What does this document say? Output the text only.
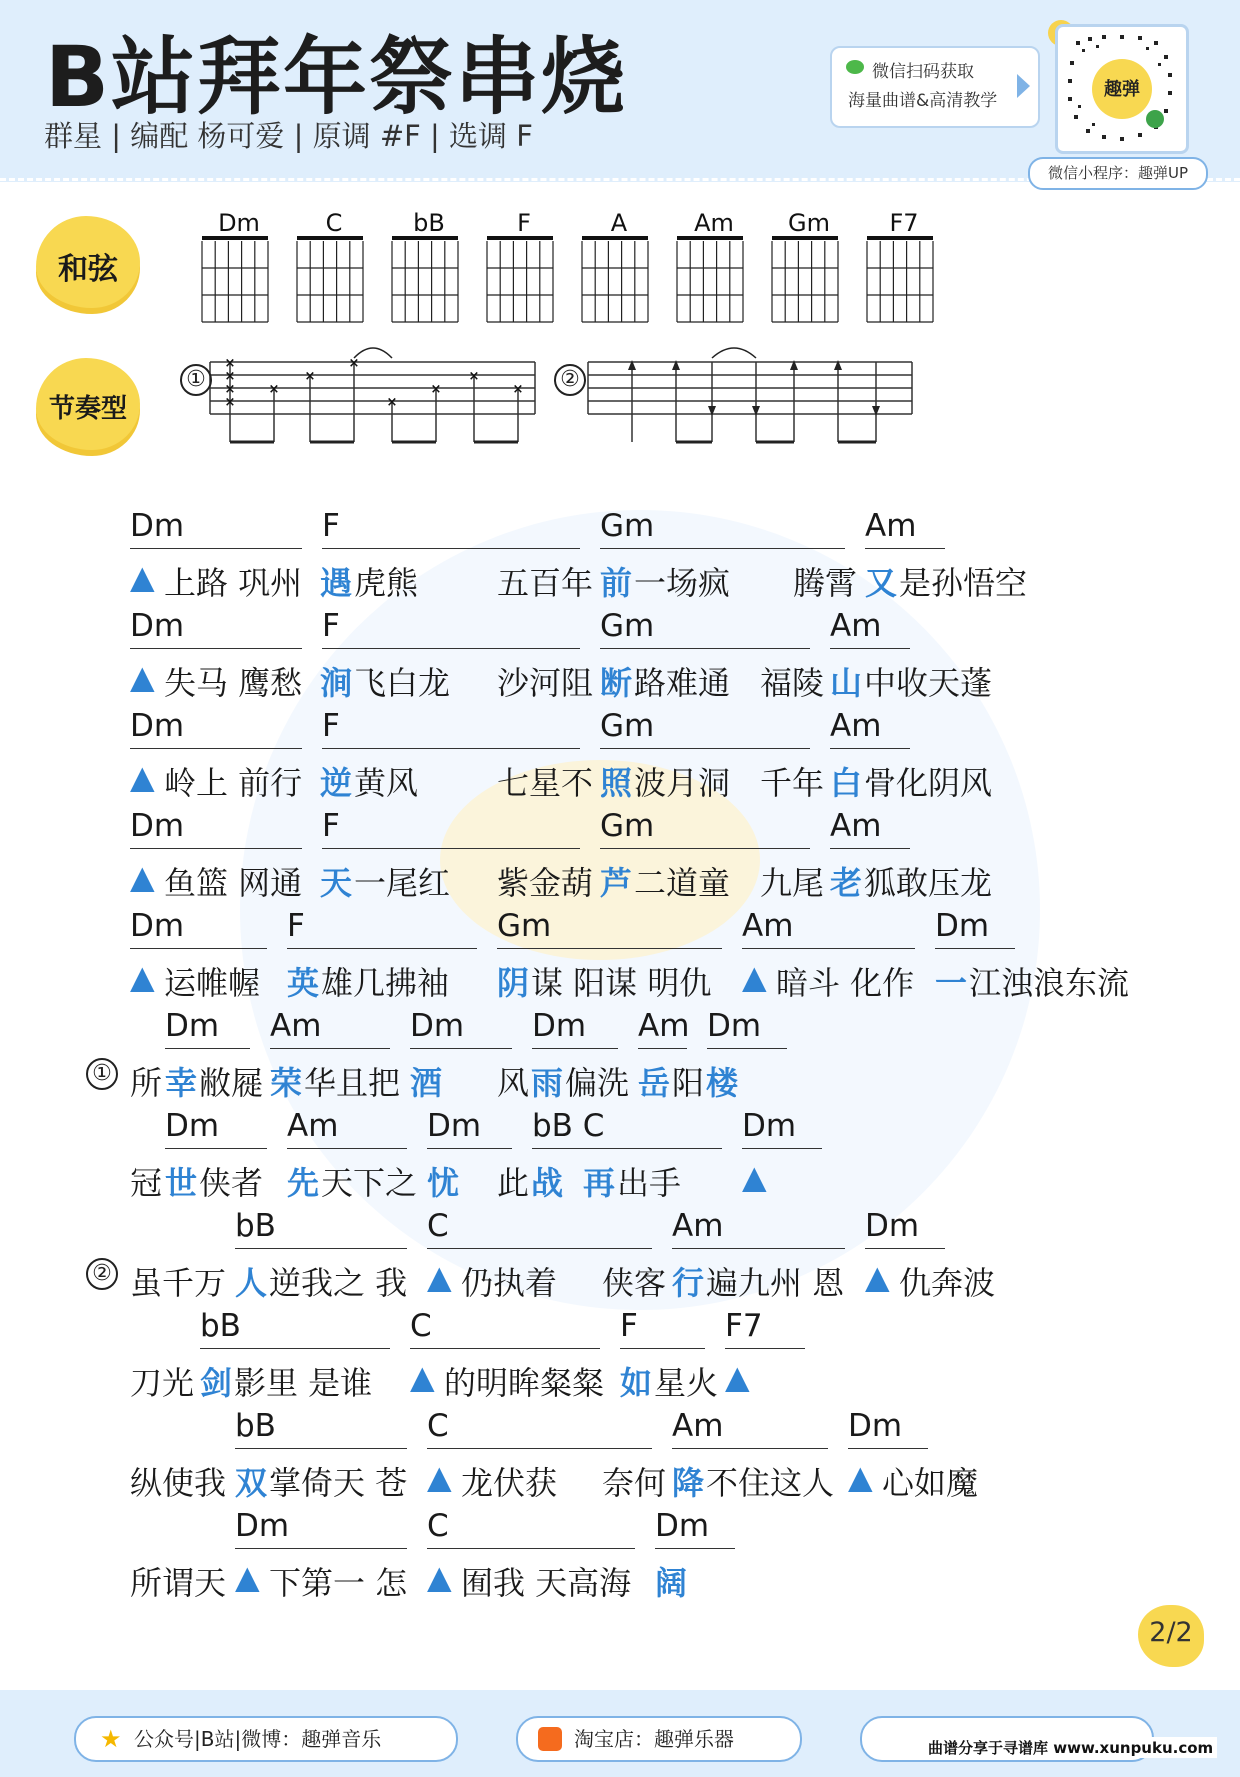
B站拜年祭串烧
群星 | 编配 杨可爱 | 原调 #F | 选调 F
微信扫码获取
海量曲谱&高清教学
趣弹
微信小程序：趣弹UP
和弦
节奏型
Dm	C	bB	F	A	Am Gm F7
×
×
×
×
×
×
×
×
×
×
×
①	②
Dm	F	Gm	Am
▲ 上路 巩州 遇 虎熊 五百年 前 一场疯 腾霄 又 是孙悟空
Dm	F	Gm	Am
▲ 失马 鹰愁 涧 飞白龙 沙河阻 断 路难通 福陵 山 中收天蓬
Dm	F	Gm	Am
▲ 岭上 前行 逆 黄风 七星不 照 波月洞 千年 白 骨化阴风
Dm	F	Gm	Am
▲ 鱼篮 网通 天 一尾红 紫金葫 芦 二道童 九尾 老 狐敢压龙
Dm	F	Gm	Am	Dm
▲ 运帷幄 英 雄几拂袖 阴 谋 阳谋 明仇 ▲ 暗斗 化作 一 江浊浪东流
Dm Am	Dm Dm Am Dm
所 幸 敝屣 荣 华且把 酒 风 雨 偏洗 岳 阳 楼
Dm Am	Dm bB C	Dm
冠 世 侠者 先 天下之 忧 此 战 再 出手 ▲
bB	C	Am	Dm
虽千万 人 逆我之 我 ▲ 仍执着 侠客 行 遍九州 恩 ▲ 仇奔波
bB	C	F	F7
刀光 剑 影里 是谁 ▲ 的明眸粲粲 如 星火 ▲
bB	C	Am	Dm
纵使我 双 掌倚天 苍 ▲ 龙伏获 奈何 降 不住这人 ▲ 心如魔
Dm	C	Dm
所谓天 ▲ 下第一 怎 ▲ 囿我 天高海 阔
①
②
2/2
★ 公众号|B站|微博：趣弹音乐	淘宝店：趣弹乐器	曲谱分享于寻谱库 www.xunpuku.com
